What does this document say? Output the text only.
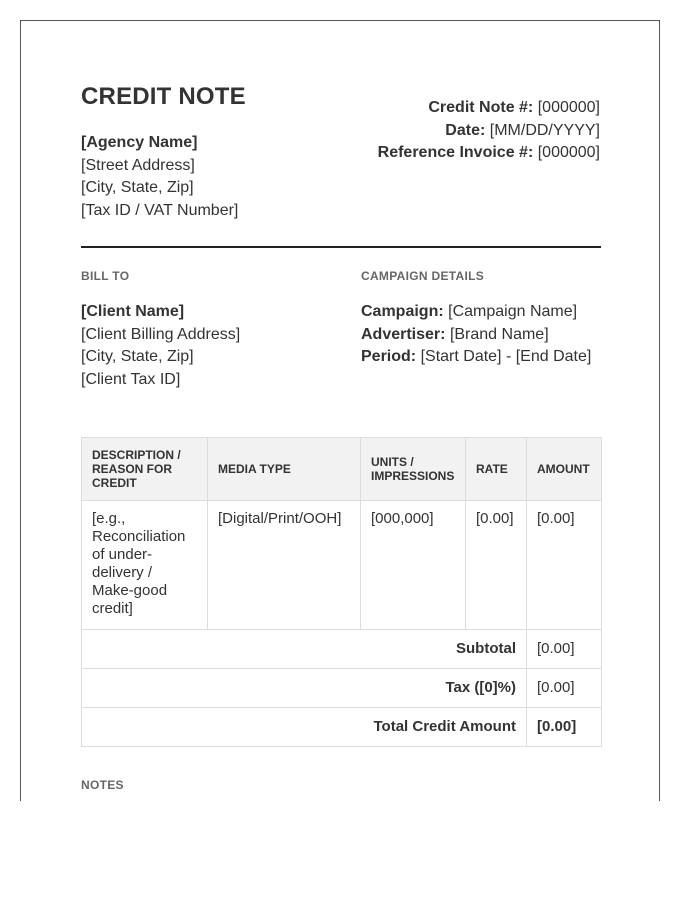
CREDIT NOTE
[Agency Name]
[Street Address]
[City, State, Zip]
[Tax ID / VAT Number]
Credit Note #: [000000]
Date: [MM/DD/YYYY]
Reference Invoice #: [000000]
BILL TO	CAMPAIGN DETAILS
[Client Name]
[Client Billing Address]
[City, State, Zip]
[Client Tax ID]
Campaign: [Campaign Name]
Advertiser: [Brand Name]
Period: [Start Date] - [End Date]
DESCRIPTION / REASON FOR CREDIT	MEDIA TYPE	UNITS / IMPRESSIONS	RATE	AMOUNT
[e.g., Reconciliation of under-delivery / Make-good credit]	[Digital/Print/OOH]	[000,000]	[0.00]	[0.00]
Subtotal				[0.00]
Tax ([0]%)				[0.00]
Total Credit Amount				[0.00]
NOTES
